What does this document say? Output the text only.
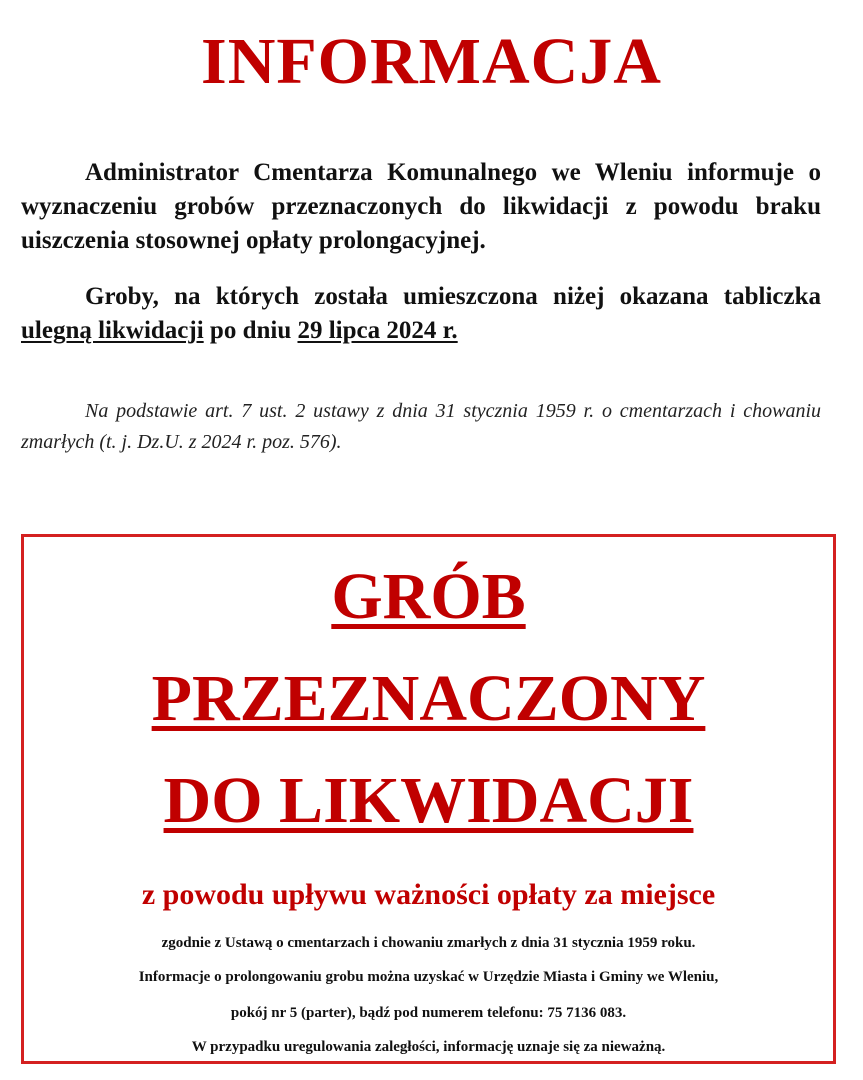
INFORMACJA
Administrator Cmentarza Komunalnego we Wleniu informuje o wyznaczeniu grobów przeznaczonych do likwidacji z powodu braku uiszczenia stosownej opłaty prolongacyjnej.
Groby, na których została umieszczona niżej okazana tabliczka ulegną likwidacji po dniu 29 lipca 2024 r.
Na podstawie art. 7 ust. 2 ustawy z dnia 31 stycznia 1959 r. o cmentarzach i chowaniu zmarłych (t. j. Dz.U. z 2024 r. poz. 576).
GRÓB
PRZEZNACZONY
DO LIKWIDACJI
z powodu upływu ważności opłaty za miejsce
zgodnie z Ustawą o cmentarzach i chowaniu zmarłych z dnia 31 stycznia 1959 roku.
Informacje o prolongowaniu grobu można uzyskać w Urzędzie Miasta i Gminy we Wleniu,
pokój nr 5 (parter), bądź pod numerem telefonu: 75 7136 083.
W przypadku uregulowania zaległości, informację uznaje się za nieważną.
